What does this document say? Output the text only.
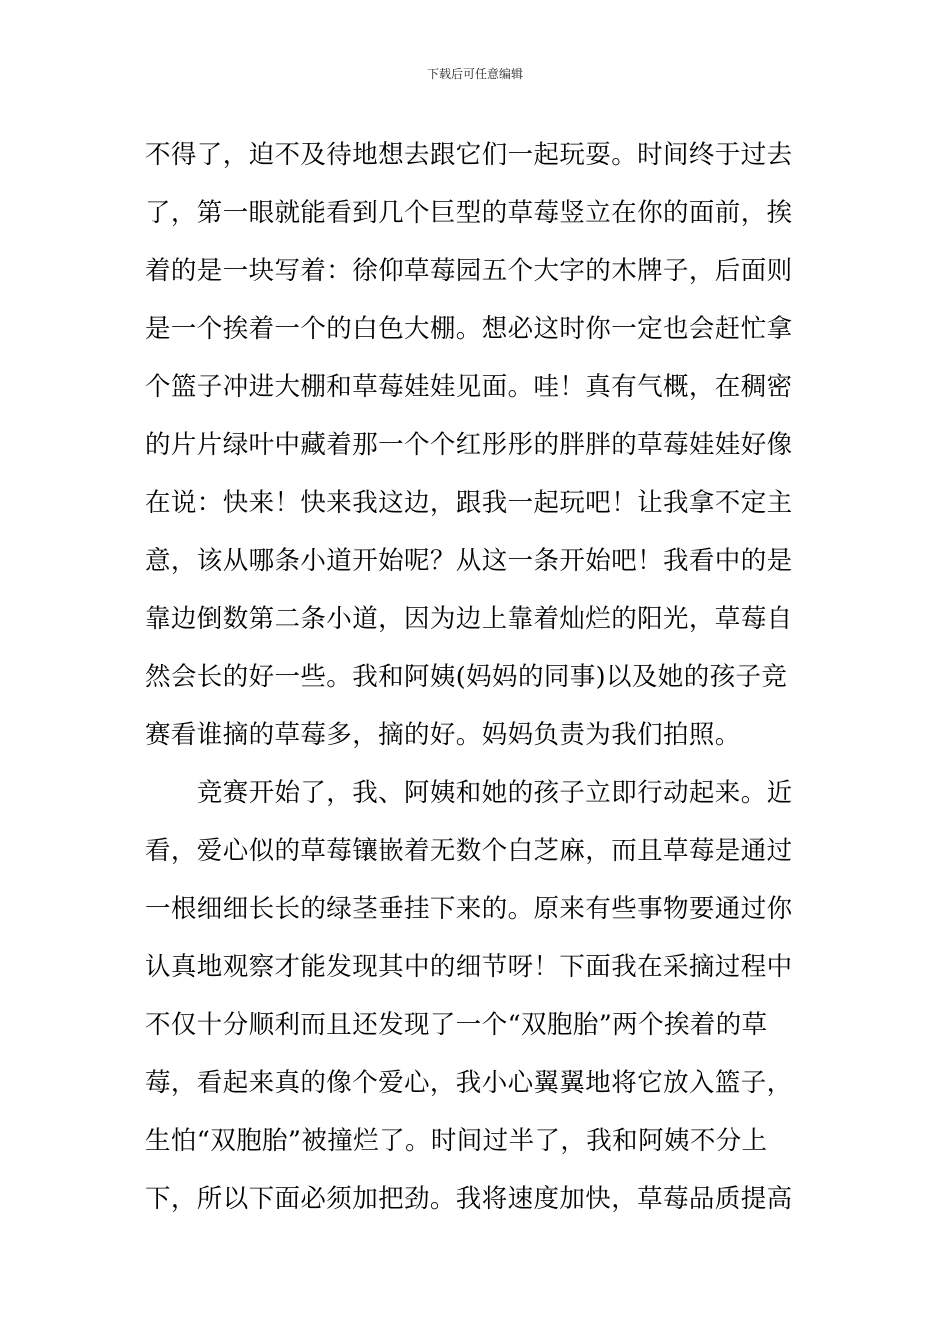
下载后可任意编辑
不得了，迫不及待地想去跟它们一起玩耍。时间终于过去
了，第一眼就能看到几个巨型的草莓竖立在你的面前，挨
着的是一块写着：徐仰草莓园五个大字的木牌子，后面则
是一个挨着一个的白色大棚。想必这时你一定也会赶忙拿
个篮子冲进大棚和草莓娃娃见面。哇！真有气概，在稠密
的片片绿叶中藏着那一个个红彤彤的胖胖的草莓娃娃好像
在说：快来！快来我这边，跟我一起玩吧！让我拿不定主
意，该从哪条小道开始呢？从这一条开始吧！我看中的是
靠边倒数第二条小道，因为边上靠着灿烂的阳光，草莓自
然会长的好一些。我和阿姨(妈妈的同事)以及她的孩子竞
赛看谁摘的草莓多，摘的好。妈妈负责为我们拍照。
　　竞赛开始了，我、阿姨和她的孩子立即行动起来。近
看，爱心似的草莓镶嵌着无数个白芝麻，而且草莓是通过
一根细细长长的绿茎垂挂下来的。原来有些事物要通过你
认真地观察才能发现其中的细节呀！下面我在采摘过程中
不仅十分顺利而且还发现了一个“双胞胎”两个挨着的草
莓，看起来真的像个爱心，我小心翼翼地将它放入篮子，
生怕“双胞胎”被撞烂了。时间过半了，我和阿姨不分上
下，所以下面必须加把劲。我将速度加快，草莓品质提高
